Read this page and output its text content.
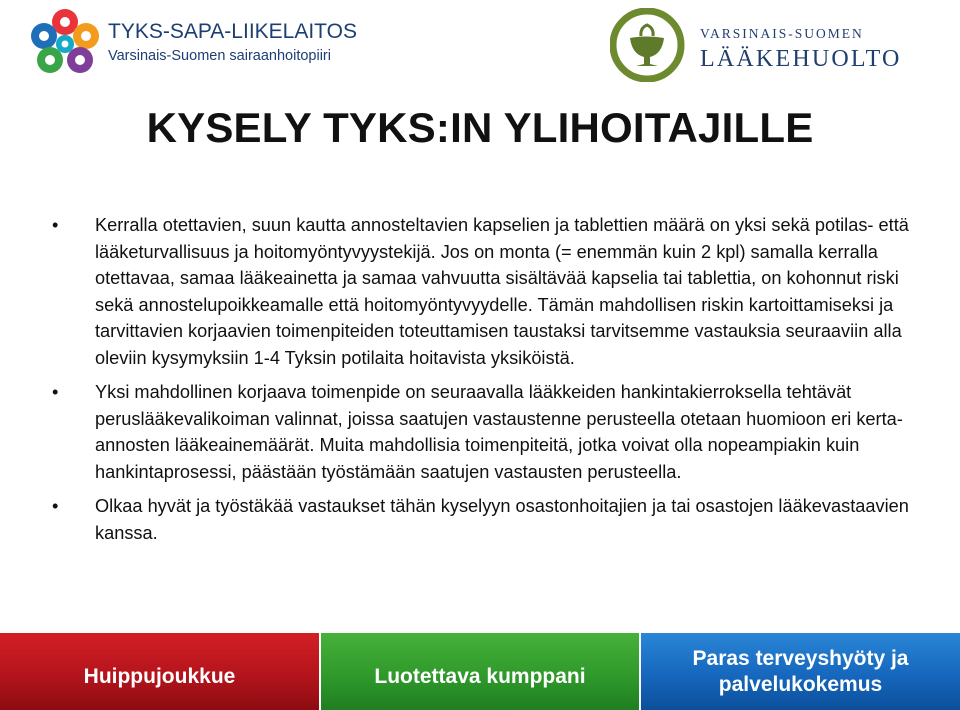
TYKS-SAPA-LIIKELAITOS
Varsinais-Suomen sairaanhoitopiiri
VARSINAIS-SUOMEN
LÄÄKEHUOLTO
KYSELY TYKS:IN YLIHOITAJILLE
• Kerralla otettavien, suun kautta annosteltavien kapselien ja tablettien määrä on yksi sekä potilas- että lääketurvallisuus ja hoitomyöntyvyystekijä. Jos on monta (= enemmän kuin 2 kpl) samalla kerralla otettavaa, samaa lääkeainetta ja samaa vahvuutta sisältävää kapselia tai tablettia, on kohonnut riski sekä annostelupoikkeamalle että hoitomyöntyvyydelle. Tämän mahdollisen riskin kartoittamiseksi ja tarvittavien korjaavien toimenpiteiden toteuttamisen taustaksi tarvitsemme vastauksia seuraaviin alla oleviin kysymyksiin 1-4 Tyksin potilaita hoitavista yksiköistä.
• Yksi mahdollinen korjaava toimenpide on seuraavalla lääkkeiden hankintakierroksella tehtävät peruslääkevalikoiman valinnat, joissa saatujen vastaustenne perusteella otetaan huomioon eri kerta-annosten lääkeainemäärät. Muita mahdollisia toimenpiteitä, jotka voivat olla nopeampiakin kuin hankintaprosessi, päästään työstämään saatujen vastausten perusteella.
• Olkaa hyvät ja työstäkää vastaukset tähän kyselyyn osastonhoitajien ja tai osastojen lääkevastaavien kanssa.
Huippujoukkue	Luotettava kumppani
Paras terveyshyöty ja palvelukokemus
